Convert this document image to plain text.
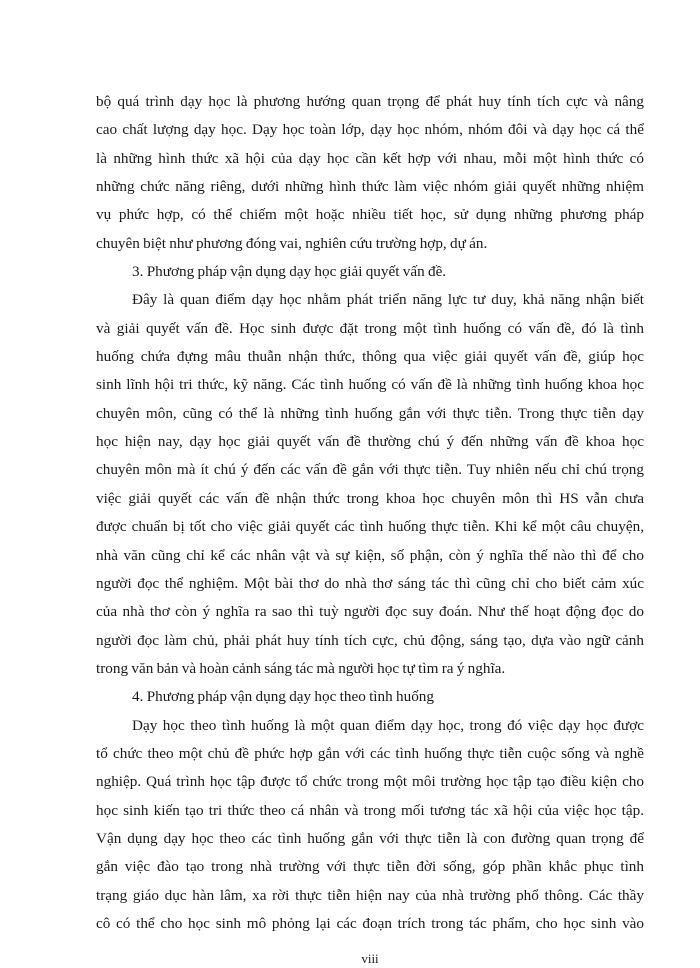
bộ quá trình dạy học là phương hướng quan trọng để phát huy tính tích cực và nâng
cao chất lượng dạy học. Dạy học toàn lớp, dạy học nhóm, nhóm đôi và dạy học cá thể
là những hình thức xã hội của dạy học cần kết hợp với nhau, mỗi một hình thức có
những chức năng riêng, dưới những hình thức làm việc nhóm giải quyết những nhiệm
vụ phức hợp, có thể chiếm một hoặc nhiều tiết học, sử dụng những phương pháp
chuyên biệt như phương đóng vai, nghiên cứu trường hợp, dự án.
3. Phương pháp vận dụng dạy học giải quyết vấn đề.
Đây là quan điểm dạy học nhằm phát triển năng lực tư duy, khả năng nhận biết
và giải quyết vấn đề. Học sinh được đặt trong một tình huống có vấn đề, đó là tình
huống chứa đựng mâu thuẫn nhận thức, thông qua việc giải quyết vấn đề, giúp học
sinh lĩnh hội tri thức, kỹ năng. Các tình huống có vấn đề là những tình huống khoa học
chuyên môn, cũng có thể là những tình huống gắn với thực tiễn. Trong thực tiễn dạy
học hiện nay, dạy học giải quyết vấn đề thường chú ý đến những vấn đề khoa học
chuyên môn mà ít chú ý đến các vấn đề gắn với thực tiễn. Tuy nhiên nếu chỉ chú trọng
việc giải quyết các vấn đề nhận thức trong khoa học chuyên môn thì HS vẫn chưa
được chuẩn bị tốt cho việc giải quyết các tình huống thực tiễn. Khi kể một câu chuyện,
nhà văn cũng chỉ kể các nhân vật và sự kiện, số phận, còn ý nghĩa thế nào thì để cho
người đọc thể nghiệm. Một bài thơ do nhà thơ sáng tác thì cũng chỉ cho biết cảm xúc
của nhà thơ còn ý nghĩa ra sao thì tuỳ người đọc suy đoán. Như thế hoạt động đọc do
người đọc làm chủ, phải phát huy tính tích cực, chủ động, sáng tạo, dựa vào ngữ cảnh
trong văn bản và hoàn cảnh sáng tác mà người học tự tìm ra ý nghĩa.
4. Phương pháp vận dụng dạy học theo tình huống
Dạy học theo tình huống là một quan điểm dạy học, trong đó việc dạy học được
tổ chức theo một chủ đề phức hợp gắn với các tình huống thực tiễn cuộc sống và nghề
nghiệp. Quá trình học tập được tổ chức trong một môi trường học tập tạo điều kiện cho
học sinh kiến tạo tri thức theo cá nhân và trong mối tương tác xã hội của việc học tập.
Vận dụng dạy học theo các tình huống gắn với thực tiễn là con đường quan trọng để
gắn việc đào tạo trong nhà trường với thực tiễn đời sống, góp phần khắc phục tình
trạng giáo dục hàn lâm, xa rời thực tiễn hiện nay của nhà trường phổ thông. Các thầy
cô có thể cho học sinh mô phỏng lại các đoạn trích trong tác phẩm, cho học sinh vào
viii
